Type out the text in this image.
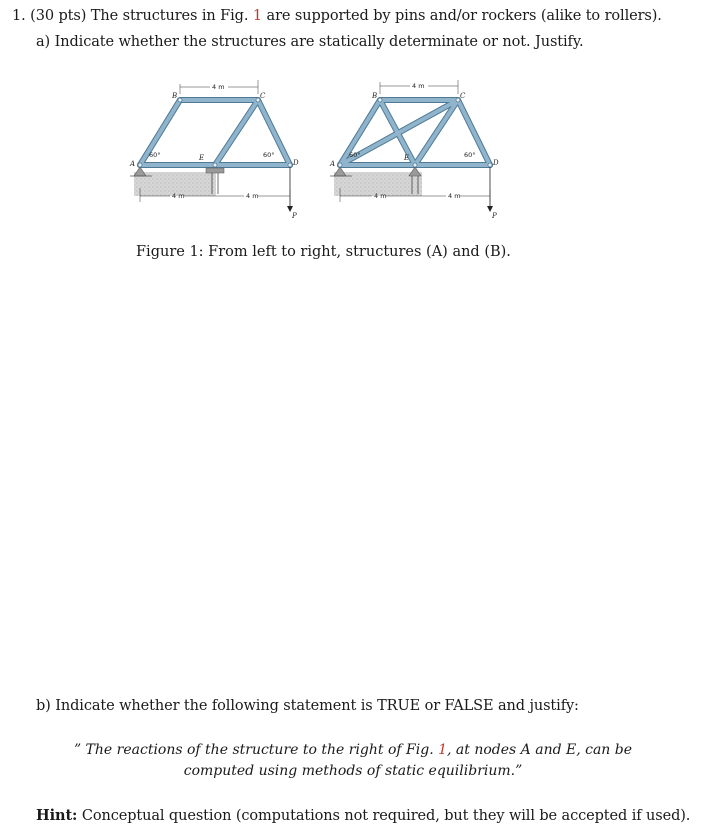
1. (30 pts) The structures in Fig. 1 are supported by pins and/or rockers (alike to rollers).
a) Indicate whether the structures are statically determinate or not. Justify.
P
4 m
4 m	4 m
A
B	C
D
E
60°	60°
P
4 m
4 m	4 m
A
B	C
D
E
60°	60°
Figure 1: From left to right, structures (A) and (B).
b) Indicate whether the following statement is TRUE or FALSE and justify:
” The reactions of the structure to the right of Fig. 1, at nodes A and E, can be
computed using methods of static equilibrium.”
Hint: Conceptual question (computations not required, but they will be accepted if used).
